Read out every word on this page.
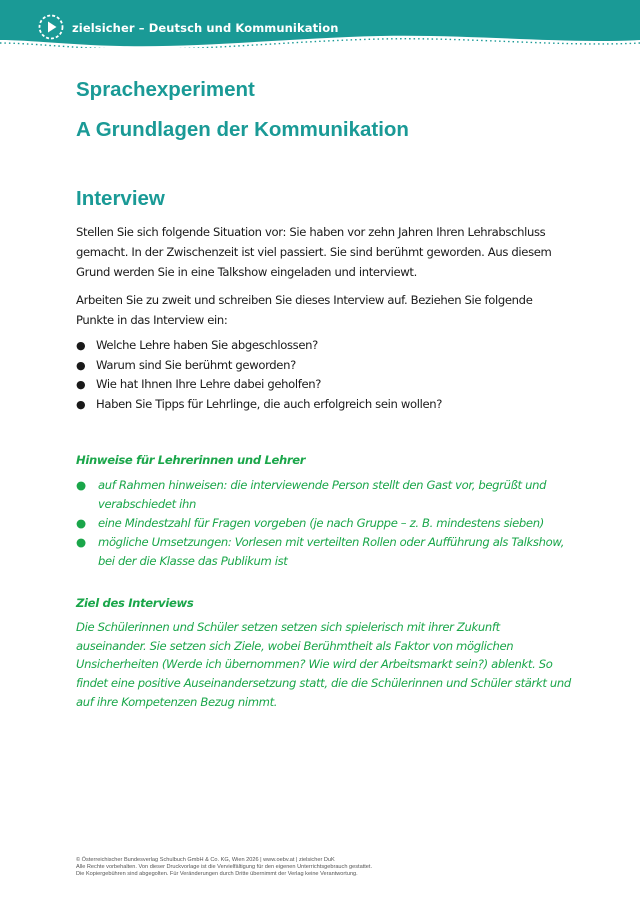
zielsicher – Deutsch und Kommunikation
Sprachexperiment
A Grundlagen der Kommunikation
Interview

Stellen Sie sich folgende Situation vor: Sie haben vor zehn Jahren Ihren Lehrabschluss gemacht. In der Zwischenzeit ist viel passiert. Sie sind berühmt geworden. Aus diesem Grund werden Sie in eine Talkshow eingeladen und interviewt.

Arbeiten Sie zu zweit und schreiben Sie dieses Interview auf. Beziehen Sie folgende Punkte in das Interview ein:

● Welche Lehre haben Sie abgeschlossen?
● Warum sind Sie berühmt geworden?
● Wie hat Ihnen Ihre Lehre dabei geholfen?
● Haben Sie Tipps für Lehrlinge, die auch erfolgreich sein wollen?
Hinweise für Lehrerinnen und Lehrer
● auf Rahmen hinweisen: die interviewende Person stellt den Gast vor, begrüßt und verabschiedet ihn
● eine Mindestzahl für Fragen vorgeben (je nach Gruppe – z. B. mindestens sieben)
● mögliche Umsetzungen: Vorlesen mit verteilten Rollen oder Aufführung als Talkshow, bei der die Klasse das Publikum ist
Ziel des Interviews

Die Schülerinnen und Schüler setzen setzen sich spielerisch mit ihrer Zukunft auseinander. Sie setzen sich Ziele, wobei Berühmtheit als Faktor von möglichen Unsicherheiten (Werde ich übernommen? Wie wird der Arbeitsmarkt sein?) ablenkt. So findet eine positive Auseinandersetzung statt, die die Schülerinnen und Schüler stärkt und auf ihre Kompetenzen Bezug nimmt.

© Österreichischer Bundesverlag Schulbuch GmbH & Co. KG, Wien 2026 | www.oebv.at | zielsicher DuK
Alle Rechte vorbehalten. Von dieser Druckvorlage ist die Vervielfältigung für den eigenen Unterrichtsgebrauch gestattet.
Die Kopiergebühren sind abgegolten. Für Veränderungen durch Dritte übernimmt der Verlag keine Verantwortung.
